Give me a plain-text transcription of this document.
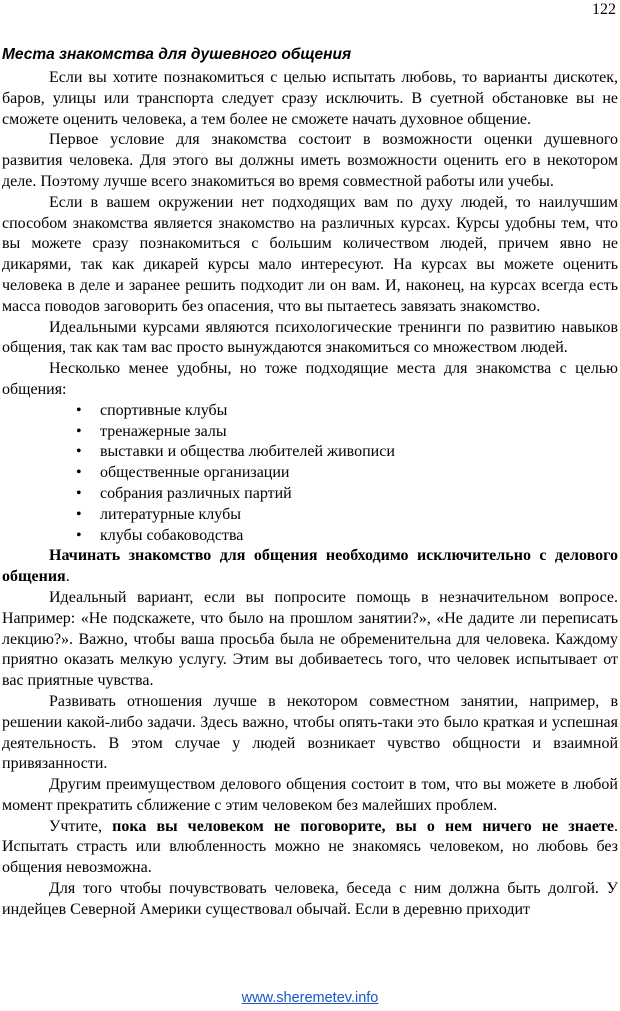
122
Места знакомства для душевного общения

Если вы хотите познакомиться с целью испытать любовь, то варианты дискотек, баров, улицы или транспорта следует сразу исключить. В суетной обстановке вы не сможете оценить человека, а тем более не сможете начать духовное общение.

Первое условие для знакомства состоит в возможности оценки душевного развития человека. Для этого вы должны иметь возможности оценить его в некотором деле. Поэтому лучше всего знакомиться во время совместной работы или учебы.

Если в вашем окружении нет подходящих вам по духу людей, то наилучшим способом знакомства является знакомство на различных курсах. Курсы удобны тем, что вы можете сразу познакомиться с большим количеством людей, причем явно не дикарями, так как дикарей курсы мало интересуют. На курсах вы можете оценить человека в деле и заранее решить подходит ли он вам. И, наконец, на курсах всегда есть масса поводов заговорить без опасения, что вы пытаетесь завязать знакомство.

Идеальными курсами являются психологические тренинги по развитию навыков общения, так как там вас просто вынуждаются знакомиться со множеством людей.

Несколько менее удобны, но тоже подходящие места для знакомства с целью общения:

• спортивные клубы
• тренажерные залы
• выставки и общества любителей живописи
• общественные организации
• собрания различных партий
• литературные клубы
• клубы собаководства

Начинать знакомство для общения необходимо исключительно с делового общения.

Идеальный вариант, если вы попросите помощь в незначительном вопросе. Например: «Не подскажете, что было на прошлом занятии?», «Не дадите ли переписать лекцию?». Важно, чтобы ваша просьба была не обременительна для человека. Каждому приятно оказать мелкую услугу. Этим вы добиваетесь того, что человек испытывает от вас приятные чувства.

Развивать отношения лучше в некотором совместном занятии, например, в решении какой-либо задачи. Здесь важно, чтобы опять-таки это было краткая и успешная деятельность. В этом случае у людей возникает чувство общности и взаимной привязанности.

Другим преимуществом делового общения состоит в том, что вы можете в любой момент прекратить сближение с этим человеком без малейших проблем.

Учтите, пока вы человеком не поговорите, вы о нем ничего не знаете. Испытать страсть или влюбленность можно не знакомясь человеком, но любовь без общения невозможна.

Для того чтобы почувствовать человека, беседа с ним должна быть долгой. У индейцев Северной Америки существовал обычай. Если в деревню приходит

www.sheremetev.info
